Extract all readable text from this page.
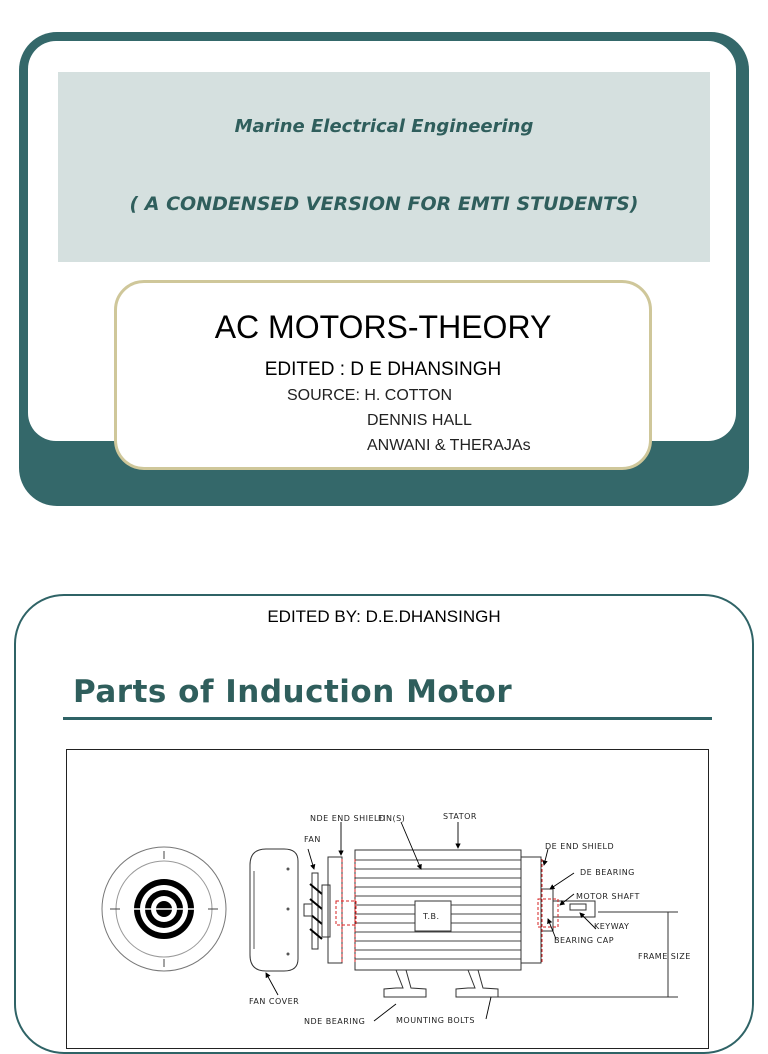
Marine Electrical Engineering
( A CONDENSED VERSION FOR EMTI STUDENTS)
AC MOTORS-THEORY
EDITED : D E DHANSINGH
SOURCE: H. COTTON
DENNIS HALL
ANWANI & THERAJAs
EDITED BY: D.E.DHANSINGH
Parts of Induction Motor
NDE END SHIELD
FIN(S)	STATOR
FAN
DE END SHIELD
DE BEARING
MOTOR SHAFT
KEYWAY
BEARING CAP
T.B.
FRAME SIZE
FAN COVER
NDE BEARING	MOUNTING BOLTS
